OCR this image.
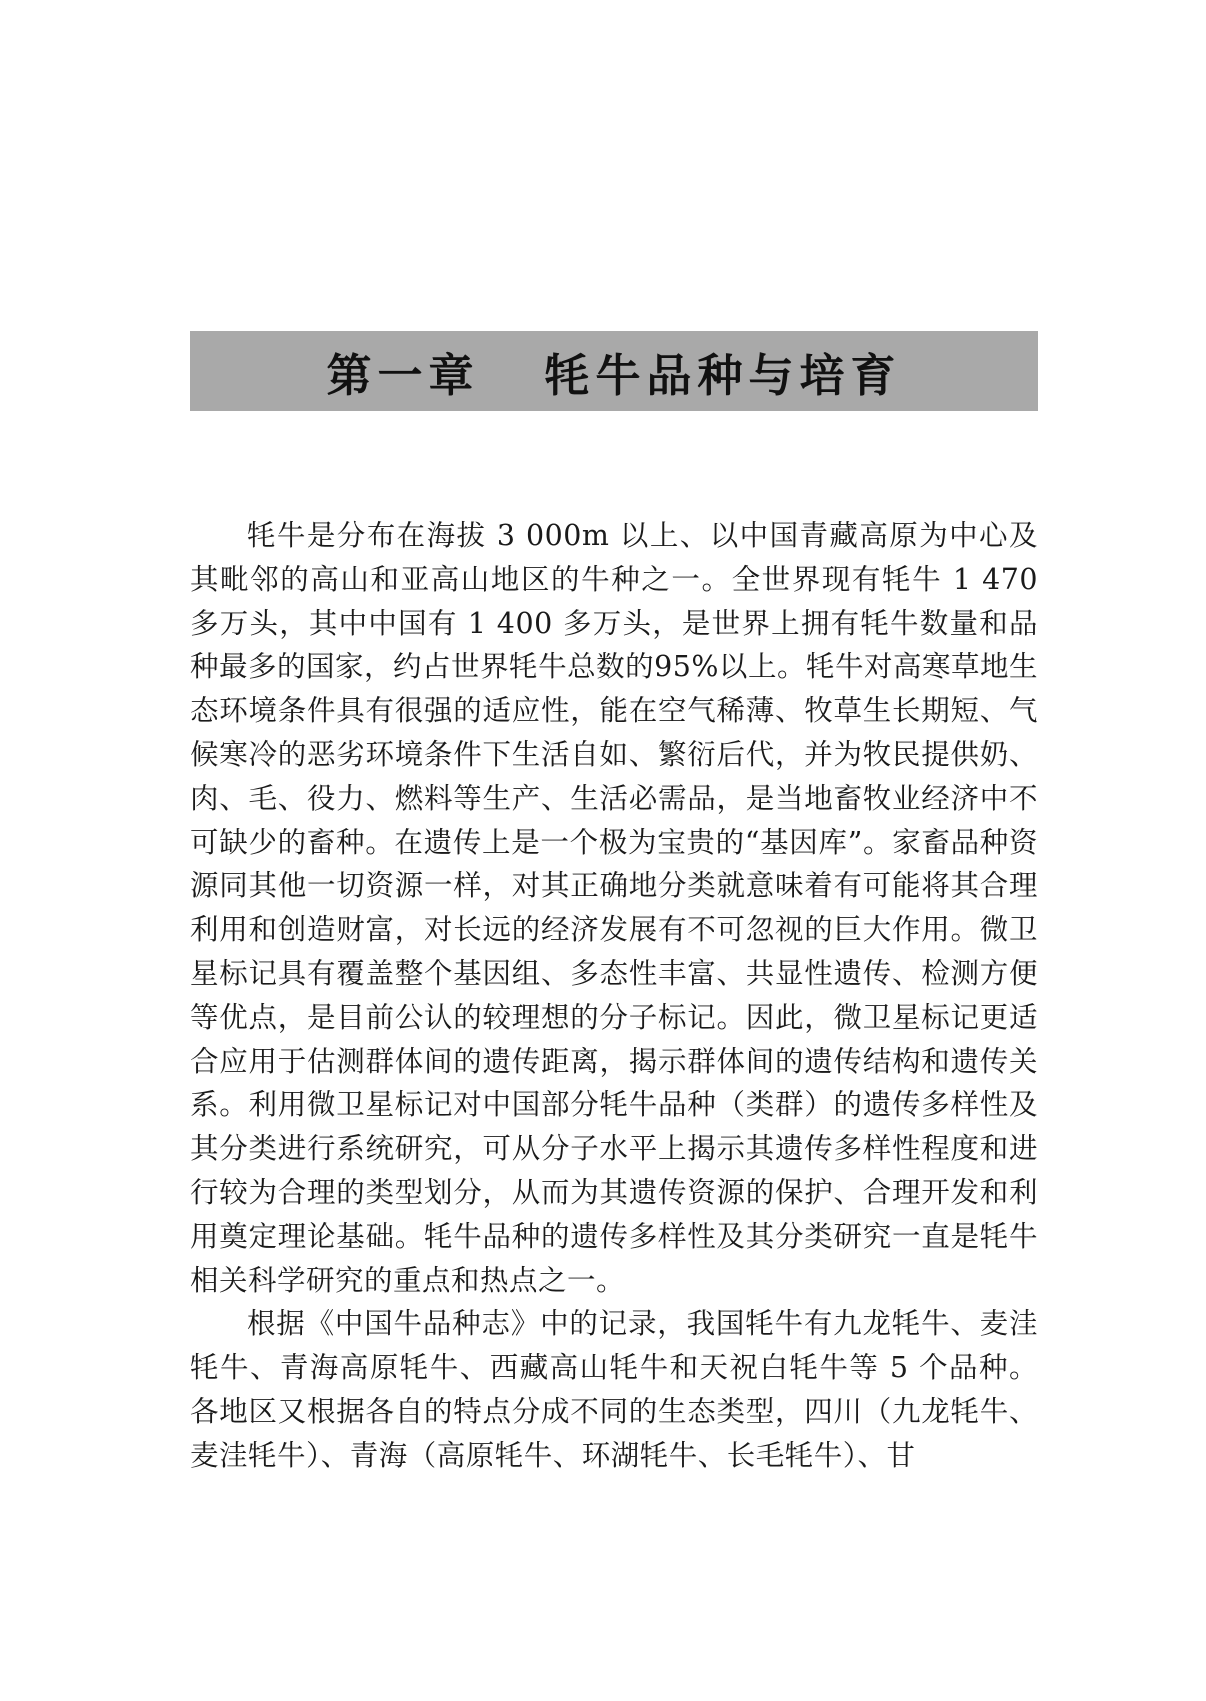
第一章   牦牛品种与培育

牦牛是分布在海拔 3 000m 以上、以中国青藏高原为中心及其毗邻的高山和亚高山地区的牛种之一。全世界现有牦牛 1 470 多万头，其中中国有 1 400 多万头，是世界上拥有牦牛数量和品种最多的国家，约占世界牦牛总数的95%以上。牦牛对高寒草地生态环境条件具有很强的适应性，能在空气稀薄、牧草生长期短、气候寒冷的恶劣环境条件下生活自如、繁衍后代，并为牧民提供奶、肉、毛、役力、燃料等生产、生活必需品，是当地畜牧业经济中不可缺少的畜种。在遗传上是一个极为宝贵的“基因库”。家畜品种资源同其他一切资源一样，对其正确地分类就意味着有可能将其合理利用和创造财富，对长远的经济发展有不可忽视的巨大作用。微卫星标记具有覆盖整个基因组、多态性丰富、共显性遗传、检测方便等优点，是目前公认的较理想的分子标记。因此，微卫星标记更适合应用于估测群体间的遗传距离，揭示群体间的遗传结构和遗传关系。利用微卫星标记对中国部分牦牛品种（类群）的遗传多样性及其分类进行系统研究，可从分子水平上揭示其遗传多样性程度和进行较为合理的类型划分，从而为其遗传资源的保护、合理开发和利用奠定理论基础。牦牛品种的遗传多样性及其分类研究一直是牦牛相关科学研究的重点和热点之一。

根据《中国牛品种志》中的记录，我国牦牛有九龙牦牛、麦洼牦牛、青海高原牦牛、西藏高山牦牛和天祝白牦牛等 5 个品种。各地区又根据各自的特点分成不同的生态类型，四川（九龙牦牛、麦洼牦牛）、青海（高原牦牛、环湖牦牛、长毛牦牛）、甘
